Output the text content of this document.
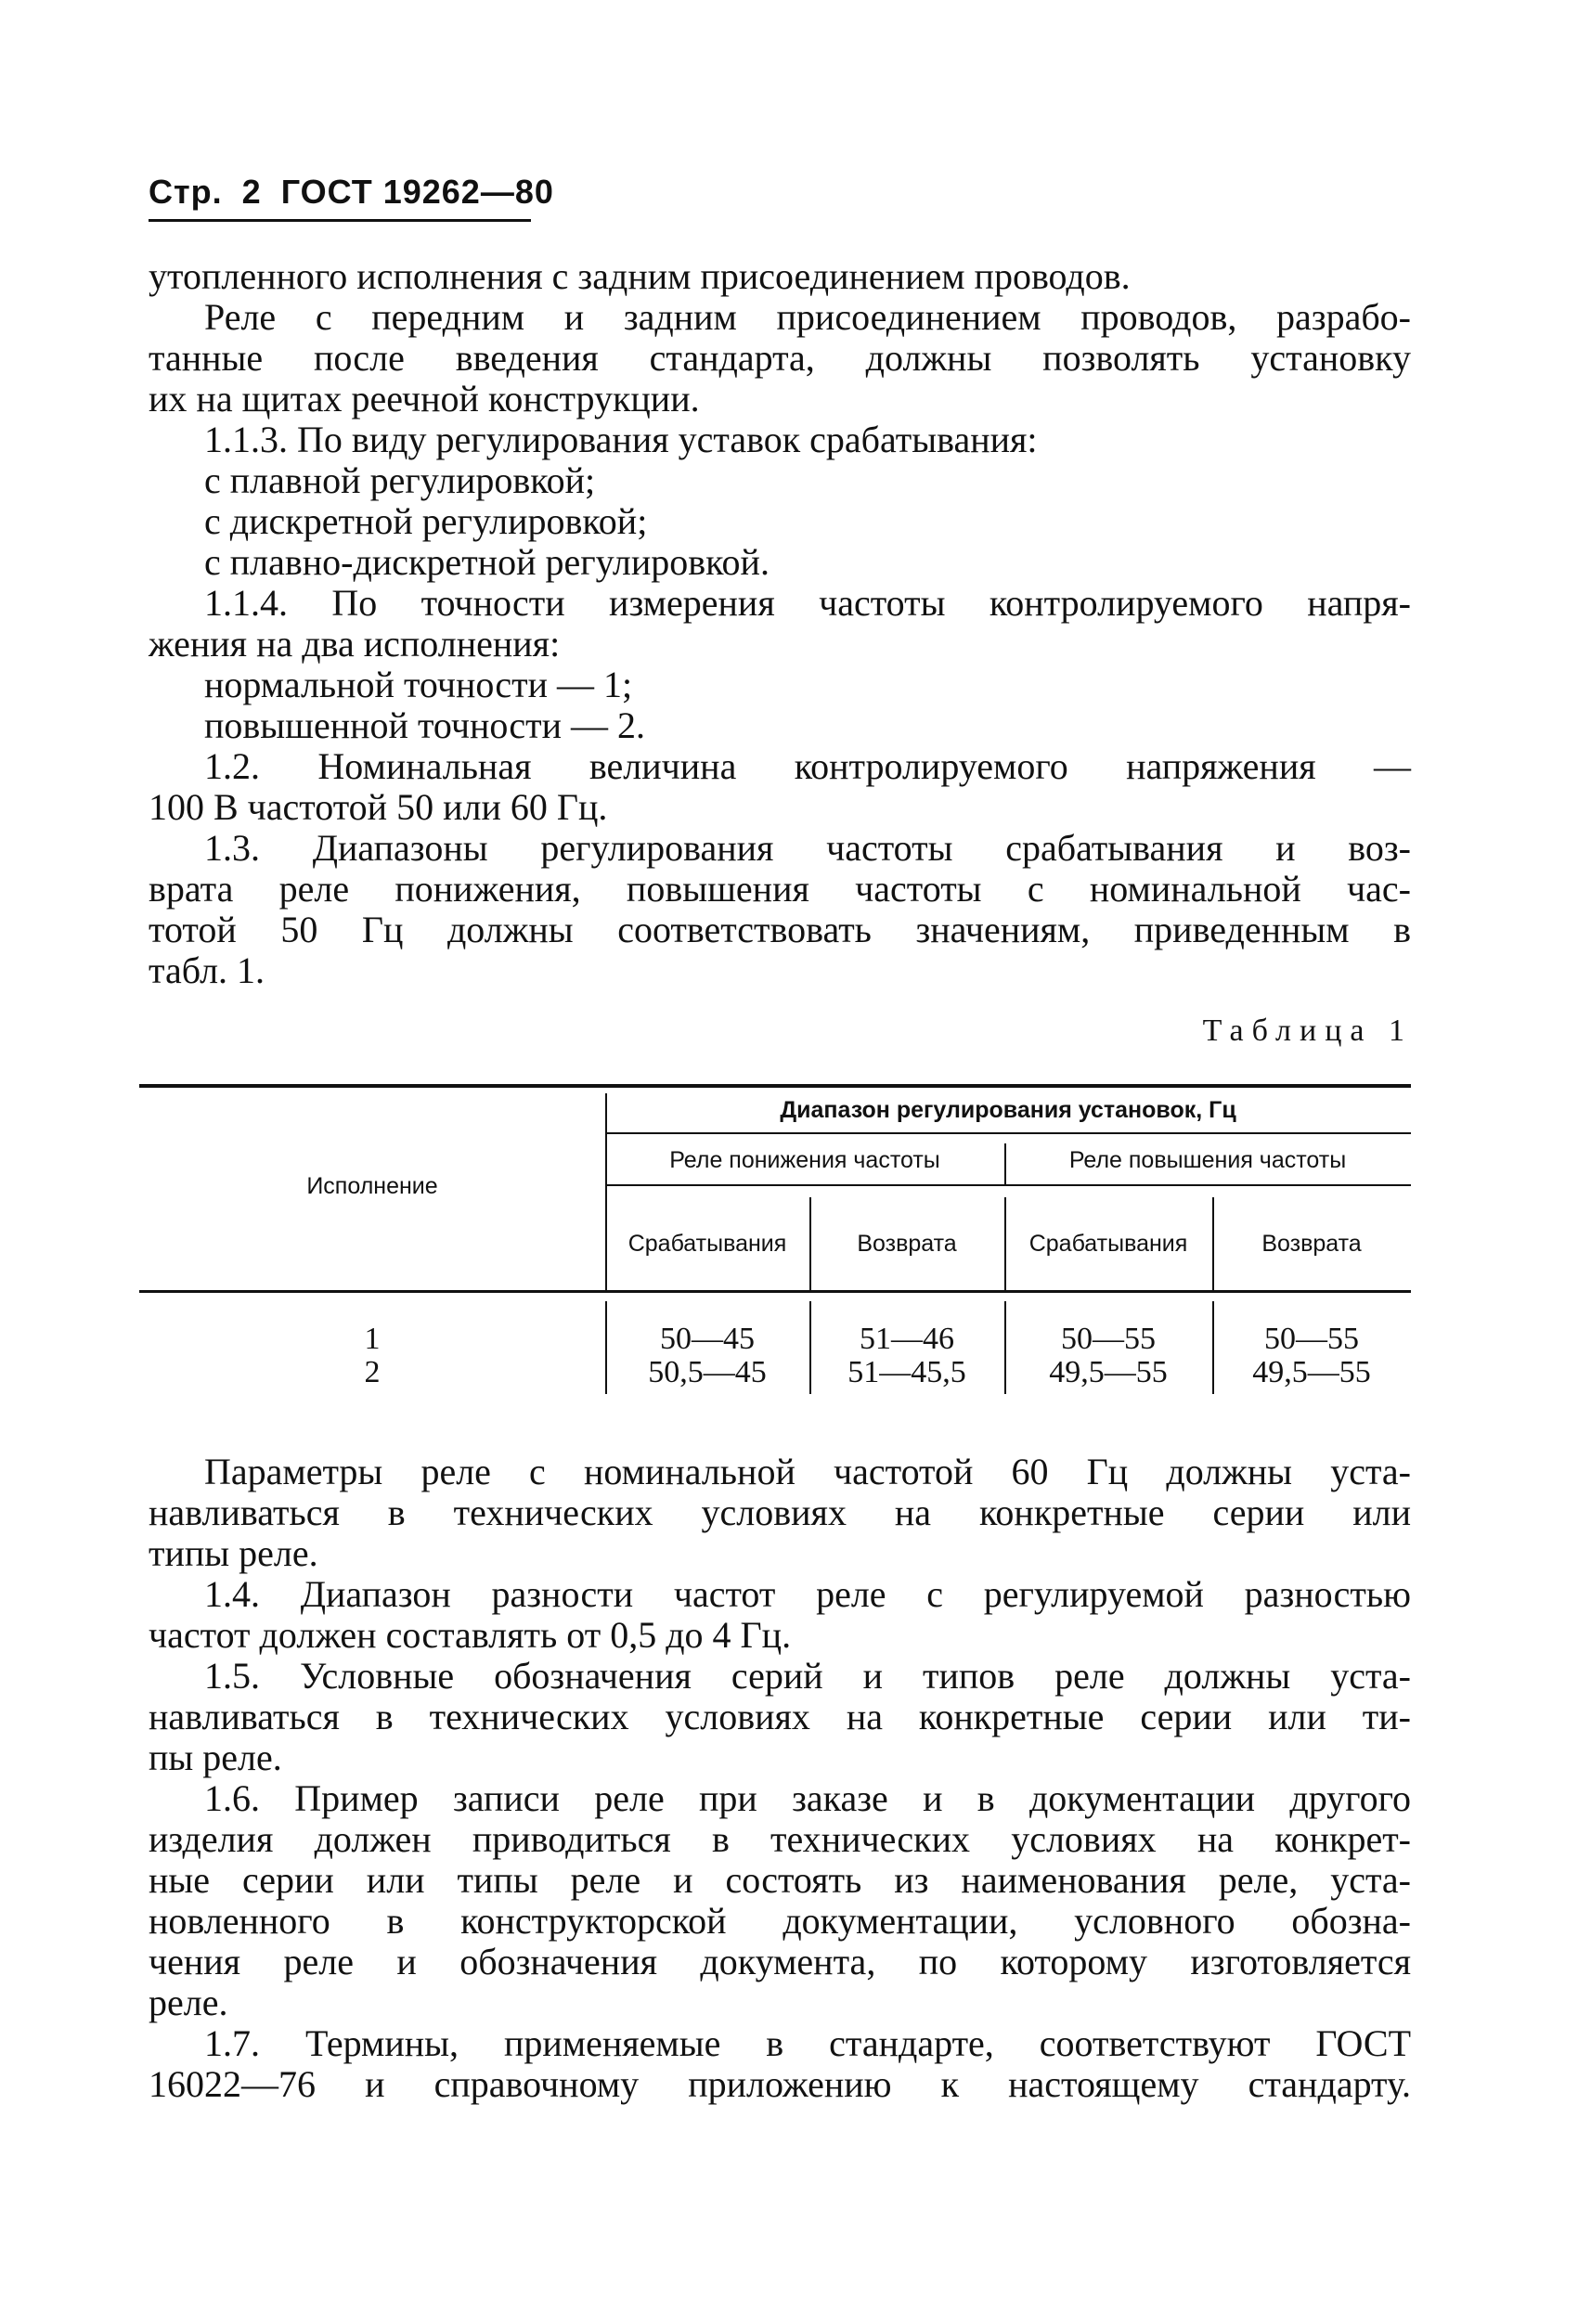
Стр. 2 ГОСТ 19262—80
утопленного исполнения с задним присоединением проводов.
Реле с передним и задним присоединением проводов, разрабо-
танные после введения стандарта, должны позволять установку
их на щитах реечной конструкции.
1.1.3. По виду регулирования уставок срабатывания:
с плавной регулировкой;
с дискретной регулировкой;
с плавно-дискретной регулировкой.
1.1.4. По точности измерения частоты контролируемого напря-
жения на два исполнения:
нормальной точности — 1;
повышенной точности — 2.
1.2. Номинальная величина контролируемого напряжения —
100 В частотой 50 или 60 Гц.
1.3. Диапазоны регулирования частоты срабатывания и воз-
врата реле понижения, повышения частоты с номинальной час-
тотой 50 Гц должны соответствовать значениям, приведенным в
табл. 1.
Таблица 1
Исполнение
Диапазон регулирования установок, Гц
Реле понижения частоты	Реле повышения частоты
Срабатывания	Возврата	Срабатывания	Возврата
1	50—45	51—46	50—55	50—55
2	50,5—45	51—45,5	49,5—55	49,5—55
Параметры реле с номинальной частотой 60 Гц должны уста-
навливаться в технических условиях на конкретные серии или
типы реле.
1.4. Диапазон разности частот реле с регулируемой разностью
частот должен составлять от 0,5 до 4 Гц.
1.5. Условные обозначения серий и типов реле должны уста-
навливаться в технических условиях на конкретные серии или ти-
пы реле.
1.6. Пример записи реле при заказе и в документации другого
изделия должен приводиться в технических условиях на конкрет-
ные серии или типы реле и состоять из наименования реле, уста-
новленного в конструкторской документации, условного обозна-
чения реле и обозначения документа, по которому изготовляется
реле.
1.7. Термины, применяемые в стандарте, соответствуют ГОСТ
16022—76 и справочному приложению к настоящему стандарту.
